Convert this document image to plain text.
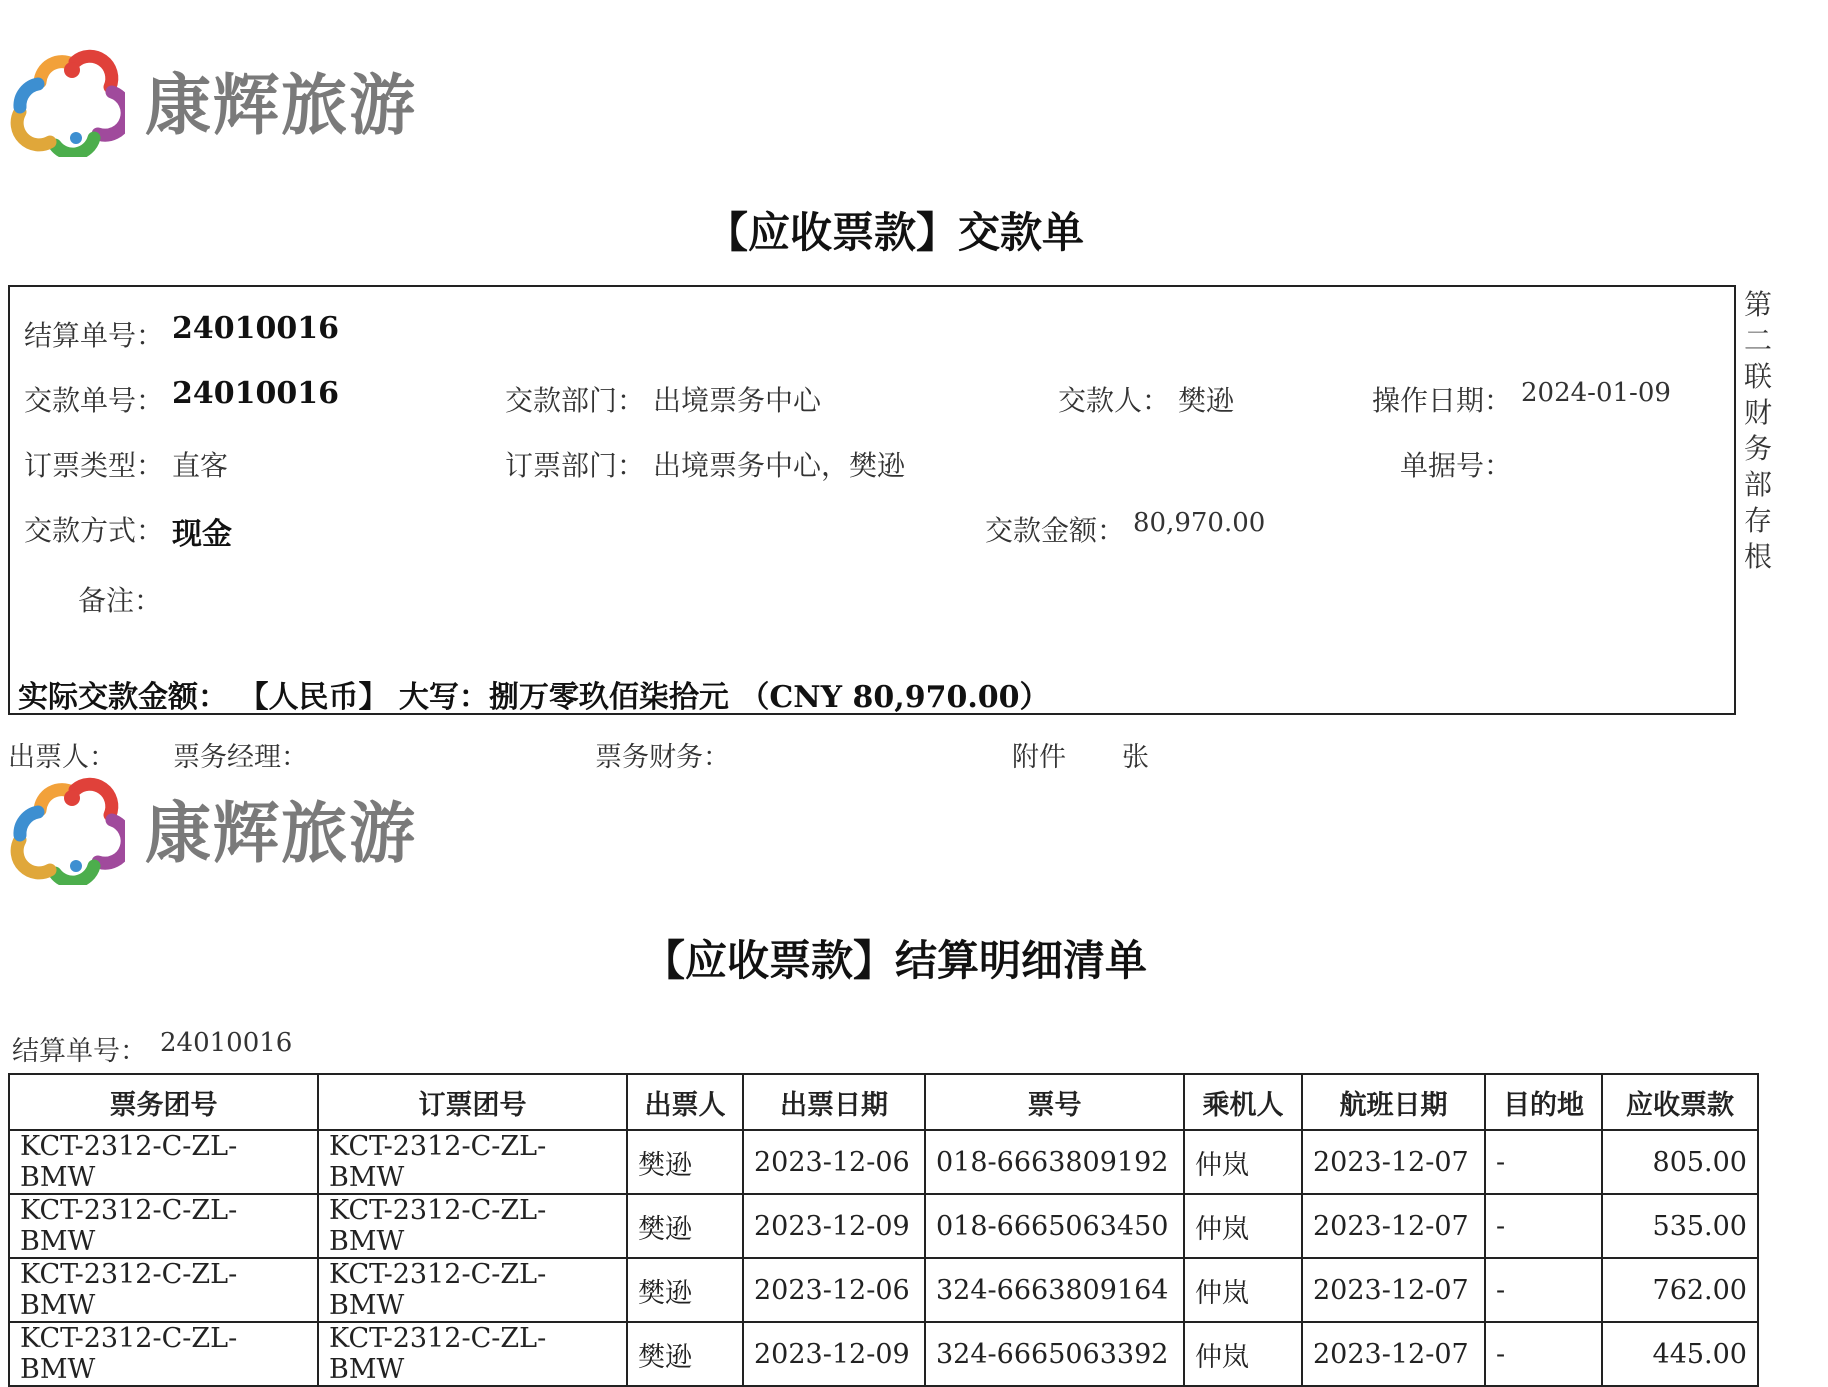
康辉旅游
【应收票款】交款单
结算单号： 24010016
交款单号： 24010016	交款部门： 出境票务中心	交款人： 樊逊	操作日期： 2024-01-09
订票类型： 直客	订票部门： 出境票务中心，樊逊	单据号：
交款方式： 现金	交款金额： 80,970.00
备注：
实际交款金额： 【人民币】 大写：捌万零玖佰柒拾元 （CNY 80,970.00）
第二联财务部存根
出票人： 票务经理：	票务财务：	附件 张
康辉旅游
【应收票款】结算明细清单
结算单号： 24010016
票务团号	订票团号	出票人	出票日期	票号	乘机人	航班日期	目的地	应收票款
KCT-2312-C-ZL-BMW	KCT-2312-C-ZL-BMW	樊逊	2023-12-06	018-6663809192	仲岚	2023-12-07	-	805.00
KCT-2312-C-ZL-BMW	KCT-2312-C-ZL-BMW	樊逊	2023-12-09	018-6665063450	仲岚	2023-12-07	-	535.00
KCT-2312-C-ZL-BMW	KCT-2312-C-ZL-BMW	樊逊	2023-12-06	324-6663809164	仲岚	2023-12-07	-	762.00
KCT-2312-C-ZL-BMW	KCT-2312-C-ZL-BMW	樊逊	2023-12-09	324-6665063392	仲岚	2023-12-07	-	445.00
